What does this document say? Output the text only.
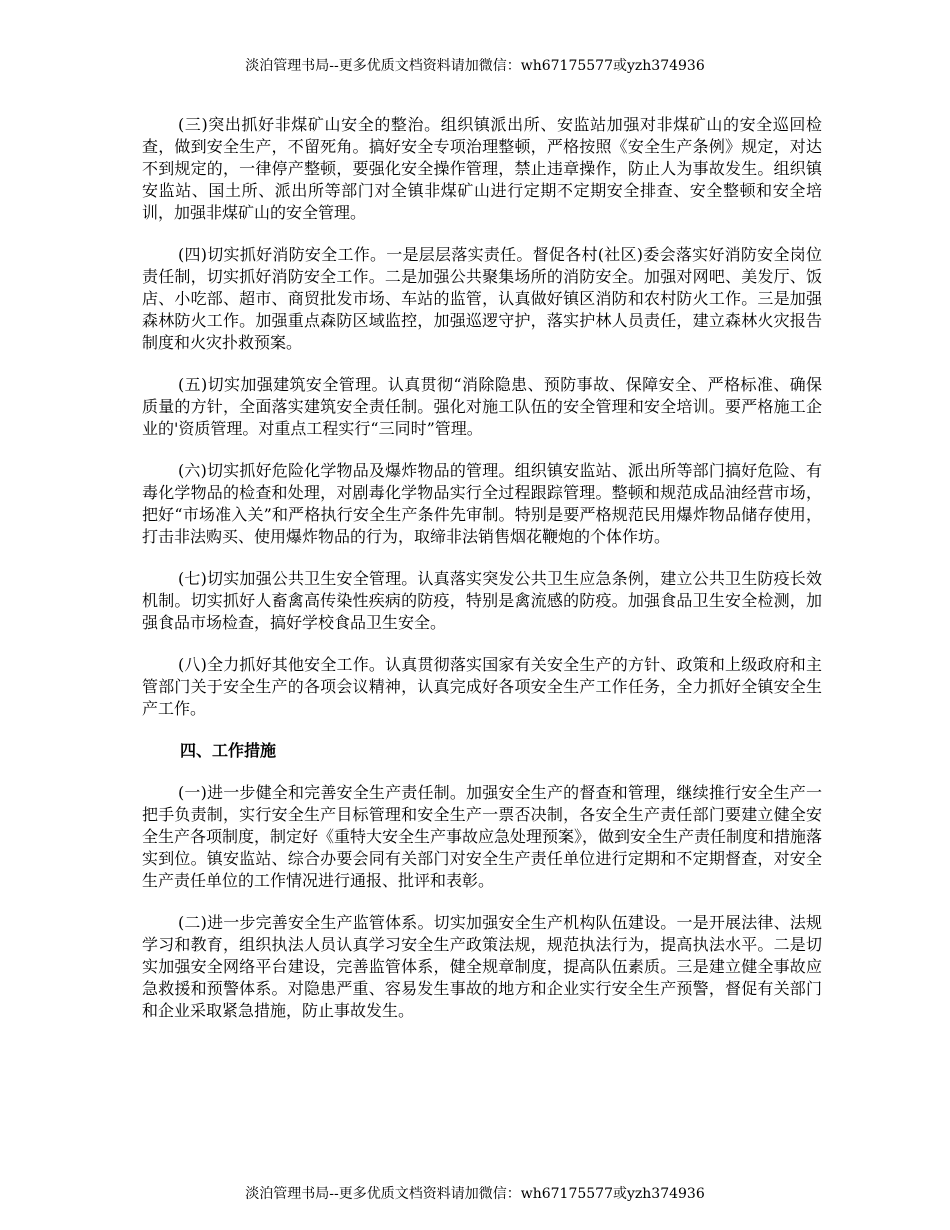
淡泊管理书局--更多优质文档资料请加微信：wh67175577或yzh374936

(三)突出抓好非煤矿山安全的整治。组织镇派出所、安监站加强对非煤矿山的安全巡回检查，做到安全生产，不留死角。搞好安全专项治理整顿，严格按照《安全生产条例》规定，对达不到规定的，一律停产整顿，要强化安全操作管理，禁止违章操作，防止人为事故发生。组织镇安监站、国土所、派出所等部门对全镇非煤矿山进行定期不定期安全排查、安全整顿和安全培训，加强非煤矿山的安全管理。

(四)切实抓好消防安全工作。一是层层落实责任。督促各村(社区)委会落实好消防安全岗位责任制，切实抓好消防安全工作。二是加强公共聚集场所的消防安全。加强对网吧、美发厅、饭店、小吃部、超市、商贸批发市场、车站的监管，认真做好镇区消防和农村防火工作。三是加强森林防火工作。加强重点森防区域监控，加强巡逻守护，落实护林人员责任，建立森林火灾报告制度和火灾扑救预案。

(五)切实加强建筑安全管理。认真贯彻“消除隐患、预防事故、保障安全、严格标准、确保质量的方针，全面落实建筑安全责任制。强化对施工队伍的安全管理和安全培训。要严格施工企业的'资质管理。对重点工程实行“三同时”管理。

(六)切实抓好危险化学物品及爆炸物品的管理。组织镇安监站、派出所等部门搞好危险、有毒化学物品的检查和处理，对剧毒化学物品实行全过程跟踪管理。整顿和规范成品油经营市场，把好“市场准入关”和严格执行安全生产条件先审制。特别是要严格规范民用爆炸物品储存使用，打击非法购买、使用爆炸物品的行为，取缔非法销售烟花鞭炮的个体作坊。

(七)切实加强公共卫生安全管理。认真落实突发公共卫生应急条例，建立公共卫生防疫长效机制。切实抓好人畜禽高传染性疾病的防疫，特别是禽流感的防疫。加强食品卫生安全检测，加强食品市场检查，搞好学校食品卫生安全。

(八)全力抓好其他安全工作。认真贯彻落实国家有关安全生产的方针、政策和上级政府和主管部门关于安全生产的各项会议精神，认真完成好各项安全生产工作任务，全力抓好全镇安全生产工作。

四、工作措施

(一)进一步健全和完善安全生产责任制。加强安全生产的督查和管理，继续推行安全生产一把手负责制，实行安全生产目标管理和安全生产一票否决制，各安全生产责任部门要建立健全安全生产各项制度，制定好《重特大安全生产事故应急处理预案》，做到安全生产责任制度和措施落实到位。镇安监站、综合办要会同有关部门对安全生产责任单位进行定期和不定期督查，对安全生产责任单位的工作情况进行通报、批评和表彰。

(二)进一步完善安全生产监管体系。切实加强安全生产机构队伍建设。一是开展法律、法规学习和教育，组织执法人员认真学习安全生产政策法规，规范执法行为，提高执法水平。二是切实加强安全网络平台建设，完善监管体系，健全规章制度，提高队伍素质。三是建立健全事故应急救援和预警体系。对隐患严重、容易发生事故的地方和企业实行安全生产预警，督促有关部门和企业采取紧急措施，防止事故发生。

淡泊管理书局--更多优质文档资料请加微信：wh67175577或yzh374936
